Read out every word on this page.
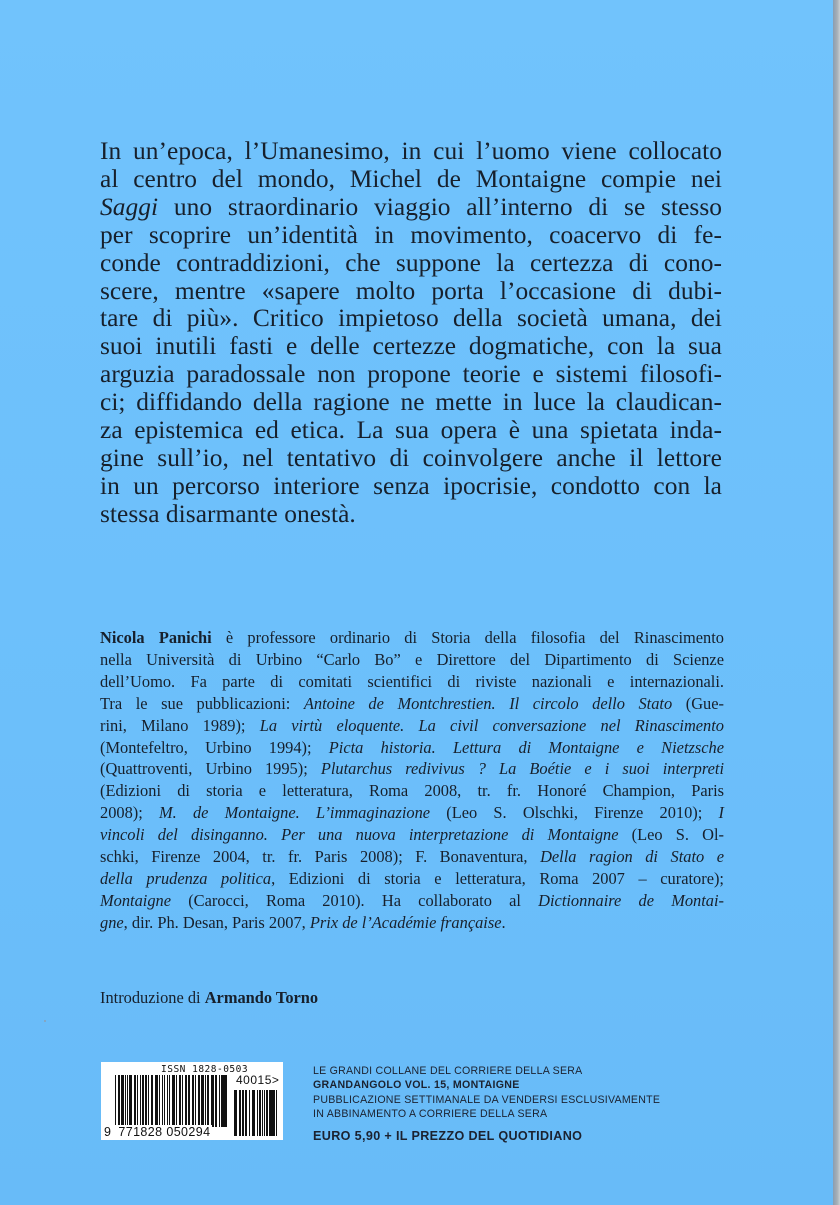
In un’epoca, l’Umanesimo, in cui l’uomo viene collocato
al centro del mondo, Michel de Montaigne compie nei
Saggi uno straordinario viaggio all’interno di se stesso
per scoprire un’identità in movimento, coacervo di fe-
conde contraddizioni, che suppone la certezza di cono-
scere, mentre «sapere molto porta l’occasione di dubi-
tare di più». Critico impietoso della società umana, dei
suoi inutili fasti e delle certezze dogmatiche, con la sua
arguzia paradossale non propone teorie e sistemi filosofi-
ci; diffidando della ragione ne mette in luce la claudican-
za epistemica ed etica. La sua opera è una spietata inda-
gine sull’io, nel tentativo di coinvolgere anche il lettore
in un percorso interiore senza ipocrisie, condotto con la
stessa disarmante onestà.
Nicola Panichi è professore ordinario di Storia della filosofia del Rinascimento
nella Università di Urbino “Carlo Bo” e Direttore del Dipartimento di Scienze
dell’Uomo. Fa parte di comitati scientifici di riviste nazionali e internazionali.
Tra le sue pubblicazioni: Antoine de Montchrestien. Il circolo dello Stato (Gue-
rini, Milano 1989); La virtù eloquente. La civil conversazione nel Rinascimento
(Montefeltro, Urbino 1994); Picta historia. Lettura di Montaigne e Nietzsche
(Quattroventi, Urbino 1995); Plutarchus redivivus ? La Boétie e i suoi interpreti
(Edizioni di storia e letteratura, Roma 2008, tr. fr. Honoré Champion, Paris
2008); M. de Montaigne. L’immaginazione (Leo S. Olschki, Firenze 2010); I
vincoli del disinganno. Per una nuova interpretazione di Montaigne (Leo S. Ol-
schki, Firenze 2004, tr. fr. Paris 2008); F. Bonaventura, Della ragion di Stato e
della prudenza politica, Edizioni di storia e letteratura, Roma 2007 – curatore);
Montaigne (Carocci, Roma 2010). Ha collaborato al Dictionnaire de Montai-
gne, dir. Ph. Desan, Paris 2007, Prix de l’Académie française.
Introduzione di Armando Torno
ISSN 1828-0503
40015>
9 771828 050294
LE GRANDI COLLANE DEL CORRIERE DELLA SERA
GRANDANGOLO VOL. 15, MONTAIGNE
PUBBLICAZIONE SETTIMANALE DA VENDERSI ESCLUSIVAMENTE
IN ABBINAMENTO A CORRIERE DELLA SERA
EURO 5,90 + IL PREZZO DEL QUOTIDIANO
